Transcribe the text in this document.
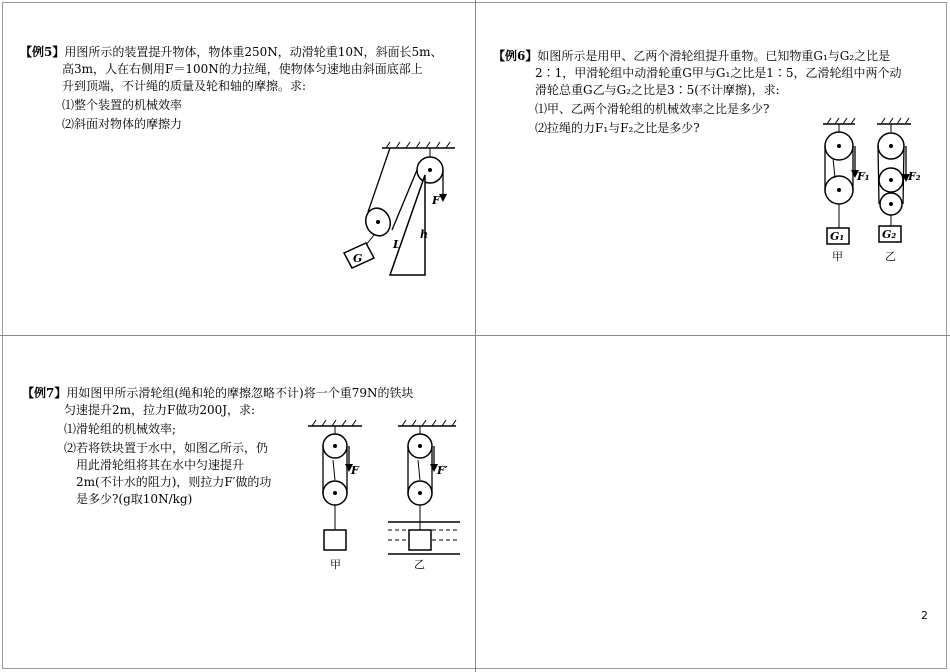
【例5】用图所示的装置提升物体，物体重250N，动滑轮重10N，斜面长5m、
高3m，人在右侧用F＝100N的力拉绳，使物体匀速地由斜面底部上
升到顶端，不计绳的质量及轮和轴的摩擦。求:
⑴整个装置的机械效率
⑵斜面对物体的摩擦力
G
F
L
h
【例6】如图所示是用甲、乙两个滑轮组提升重物。已知物重G₁与G₂之比是
2∶1，甲滑轮组中动滑轮重G甲与G₁之比是1∶5，乙滑轮组中两个动
滑轮总重G乙与G₂之比是3∶5(不计摩擦)，求:
⑴甲、乙两个滑轮组的机械效率之比是多少?
⑵拉绳的力F₁与F₂之比是多少?
F₁
G₁
甲
F₂
G₂
乙
【例7】用如图甲所示滑轮组(绳和轮的摩擦忽略不计)将一个重79N的铁块
匀速提升2m，拉力F做功200J，求:
⑴滑轮组的机械效率;
⑵若将铁块置于水中，如图乙所示，仍
用此滑轮组将其在水中匀速提升
2m(不计水的阻力)，则拉力F′做的功
是多少?(g取10N/kg)
F
甲
F′
乙
2
